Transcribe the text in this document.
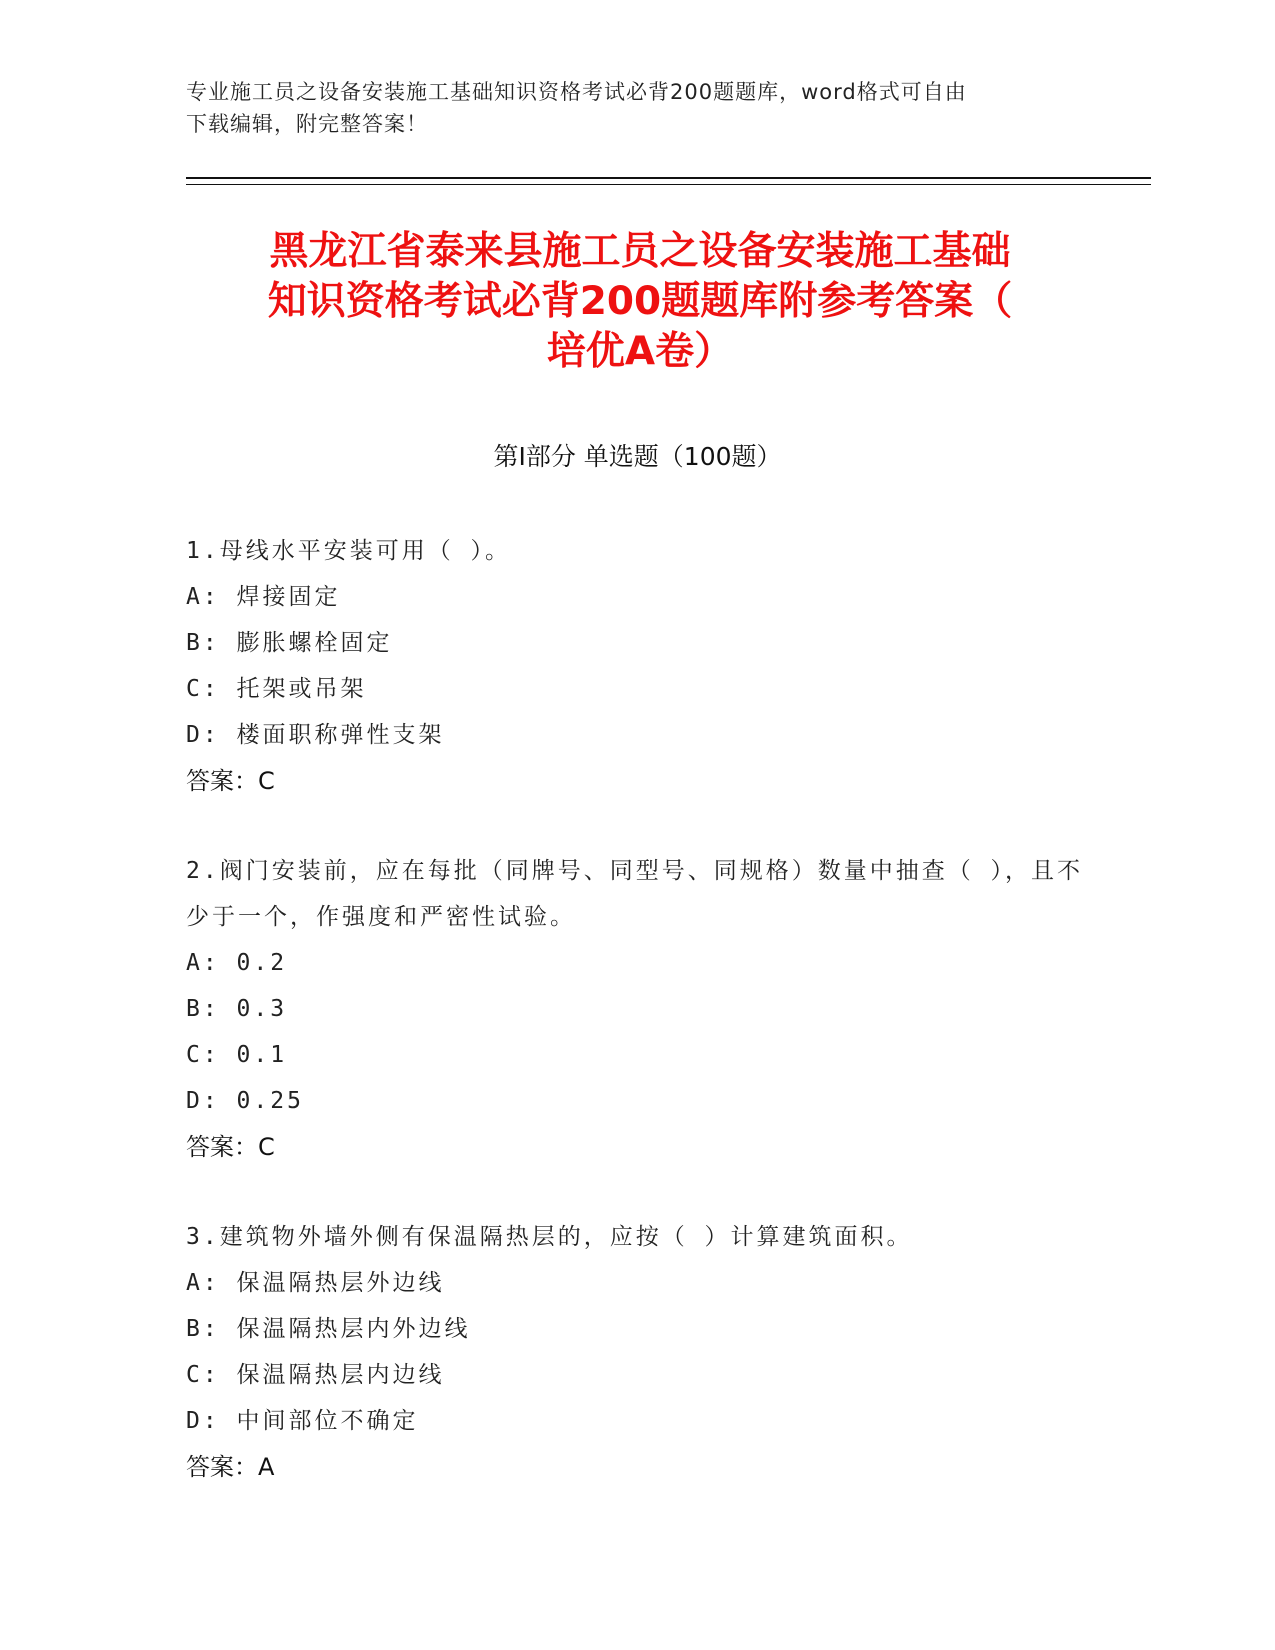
专业施工员之设备安装施工基础知识资格考试必背200题题库，word格式可自由
下载编辑，附完整答案！
黑龙江省泰来县施工员之设备安装施工基础
知识资格考试必背200题题库附参考答案（
培优A卷）
第I部分 单选题（100题）
1.母线水平安装可用（ ）。
A: 焊接固定
B: 膨胀螺栓固定
C: 托架或吊架
D: 楼面职称弹性支架
答案：C
2.阀门安装前，应在每批（同牌号、同型号、同规格）数量中抽查（ ），且不少于一个，作强度和严密性试验。
A: 0.2
B: 0.3
C: 0.1
D: 0.25
答案：C
3.建筑物外墙外侧有保温隔热层的，应按（ ）计算建筑面积。
A: 保温隔热层外边线
B: 保温隔热层内外边线
C: 保温隔热层内边线
D: 中间部位不确定
答案：A
